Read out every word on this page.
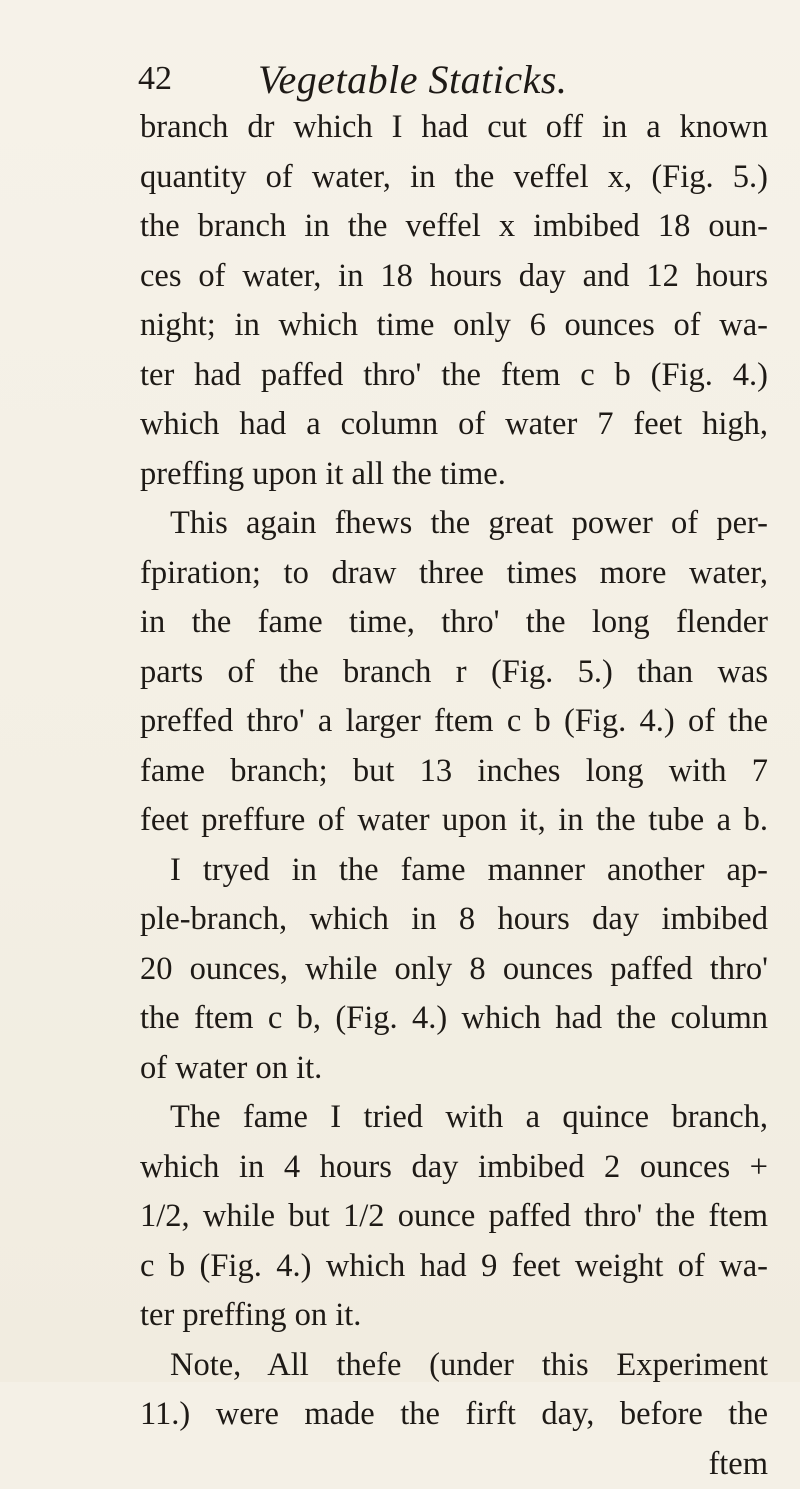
42 Vegetable Staticks.
branch dr which I had cut off in a known
quantity of water, in the veffel x, (Fig. 5.)
the branch in the veffel x imbibed 18 oun-
ces of water, in 18 hours day and 12 hours
night; in which time only 6 ounces of wa-
ter had paffed thro' the ftem c b (Fig. 4.)
which had a column of water 7 feet high,
preffing upon it all the time.
This again fhews the great power of per-
fpiration; to draw three times more water,
in the fame time, thro' the long flender
parts of the branch r (Fig. 5.) than was
preffed thro' a larger ftem c b (Fig. 4.) of the
fame branch; but 13 inches long with 7
feet preffure of water upon it, in the tube a b.
I tryed in the fame manner another ap-
ple-branch, which in 8 hours day imbibed
20 ounces, while only 8 ounces paffed thro'
the ftem c b, (Fig. 4.) which had the column
of water on it.
The fame I tried with a quince branch,
which in 4 hours day imbibed 2 ounces +
1/2, while but 1/2 ounce paffed thro' the ftem
c b (Fig. 4.) which had 9 feet weight of wa-
ter preffing on it.
Note, All thefe (under this Experiment
11.) were made the firft day, before the
ftem
